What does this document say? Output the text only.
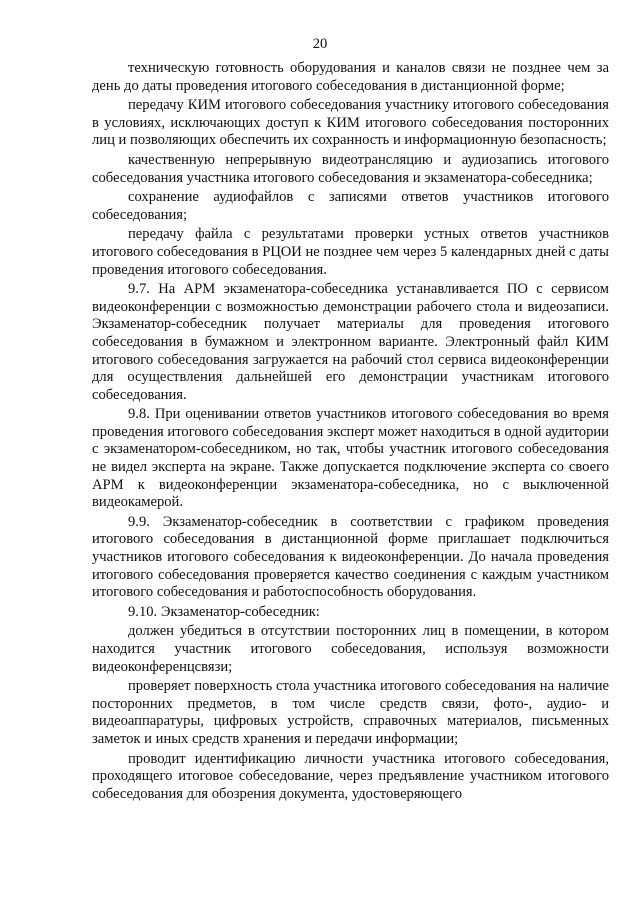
20

техническую готовность оборудования и каналов связи не позднее чем за день до даты проведения итогового собеседования в дистанционной форме;

передачу КИМ итогового собеседования участнику итогового собеседования в условиях, исключающих доступ к КИМ итогового собеседования посторонних лиц и позволяющих обеспечить их сохранность и информационную безопасность;

качественную непрерывную видеотрансляцию и аудиозапись итогового собеседования участника итогового собеседования и экзаменатора-собеседника;

сохранение аудиофайлов с записями ответов участников итогового собеседования;

передачу файла с результатами проверки устных ответов участников итогового собеседования в РЦОИ не позднее чем через 5 календарных дней с даты проведения итогового собеседования.

9.7. На АРМ экзаменатора-собеседника устанавливается ПО с сервисом видеоконференции с возможностью демонстрации рабочего стола и видеозаписи. Экзаменатор-собеседник получает материалы для проведения итогового собеседования в бумажном и электронном варианте. Электронный файл КИМ итогового собеседования загружается на рабочий стол сервиса видеоконференции для осуществления дальнейшей его демонстрации участникам итогового собеседования.

9.8. При оценивании ответов участников итогового собеседования во время проведения итогового собеседования эксперт может находиться в одной аудитории с экзаменатором-собеседником, но так, чтобы участник итогового собеседования не видел эксперта на экране. Также допускается подключение эксперта со своего АРМ к видеоконференции экзаменатора-собеседника, но с выключенной видеокамерой.

9.9. Экзаменатор-собеседник в соответствии с графиком проведения итогового собеседования в дистанционной форме приглашает подключиться участников итогового собеседования к видеоконференции. До начала проведения итогового собеседования проверяется качество соединения с каждым участником итогового собеседования и работоспособность оборудования.

9.10. Экзаменатор-собеседник:

должен убедиться в отсутствии посторонних лиц в помещении, в котором находится участник итогового собеседования, используя возможности видеоконференцсвязи;

проверяет поверхность стола участника итогового собеседования на наличие посторонних предметов, в том числе средств связи, фото-, аудио- и видеоаппаратуры, цифровых устройств, справочных материалов, письменных заметок и иных средств хранения и передачи информации;

проводит идентификацию личности участника итогового собеседования, проходящего итоговое собеседование, через предъявление участником итогового собеседования для обозрения документа, удостоверяющего
